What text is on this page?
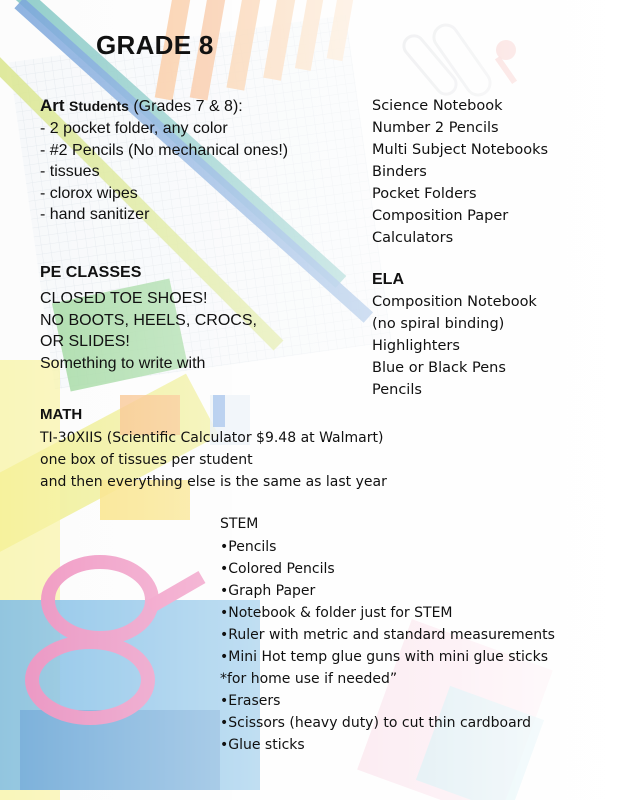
GRADE 8
Art Students (Grades 7 & 8):
- 2 pocket folder, any color
- #2 Pencils (No mechanical ones!)
- tissues
- clorox wipes
- hand sanitizer
PE CLASSES
CLOSED TOE SHOES!
NO BOOTS, HEELS, CROCS,
OR SLIDES!
Something to write with
Science Notebook
Number 2 Pencils
Multi Subject Notebooks
Binders
Pocket Folders
Composition Paper
Calculators
ELA
Composition Notebook
(no spiral binding)
Highlighters
Blue or Black Pens
Pencils
MATH
TI-30XIIS (Scientific Calculator $9.48 at Walmart)
one box of tissues per student
and then everything else is the same as last year
STEM
•Pencils
•Colored Pencils
•Graph Paper
•Notebook & folder just for STEM
•Ruler with metric and standard measurements
•Mini Hot temp glue guns with mini glue sticks
*for home use if needed”
•Erasers
•Scissors (heavy duty) to cut thin cardboard
•Glue sticks
